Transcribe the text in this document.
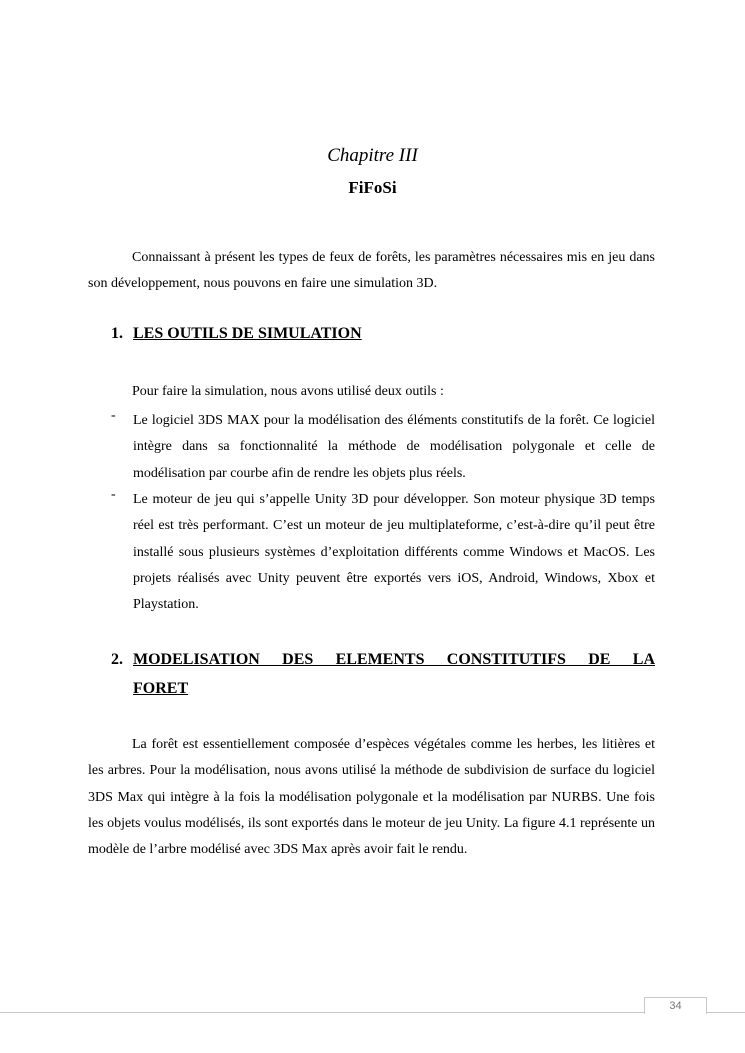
Chapitre III
FiFoSi
Connaissant à présent les types de feux de forêts, les paramètres nécessaires mis en jeu dans son développement, nous pouvons en faire une simulation 3D.
1. LES OUTILS DE SIMULATION
Pour faire la simulation, nous avons utilisé deux outils :
- Le logiciel 3DS MAX pour la modélisation des éléments constitutifs de la forêt. Ce logiciel intègre dans sa fonctionnalité la méthode de modélisation polygonale et celle de modélisation par courbe afin de rendre les objets plus réels.
- Le moteur de jeu qui s’appelle Unity 3D pour développer. Son moteur physique 3D temps réel est très performant. C’est un moteur de jeu multiplateforme, c’est-à-dire qu’il peut être installé sous plusieurs systèmes d’exploitation différents comme Windows et MacOS. Les projets réalisés avec Unity peuvent être exportés vers iOS, Android, Windows, Xbox et Playstation.
2. MODELISATION DES ELEMENTS CONSTITUTIFS DE LA
FORET
La forêt est essentiellement composée d’espèces végétales comme les herbes, les litières et les arbres. Pour la modélisation, nous avons utilisé la méthode de subdivision de surface du logiciel 3DS Max qui intègre à la fois la modélisation polygonale et la modélisation par NURBS. Une fois les objets voulus modélisés, ils sont exportés dans le moteur de jeu Unity. La figure 4.1 représente un modèle de l’arbre modélisé avec 3DS Max après avoir fait le rendu.
34
